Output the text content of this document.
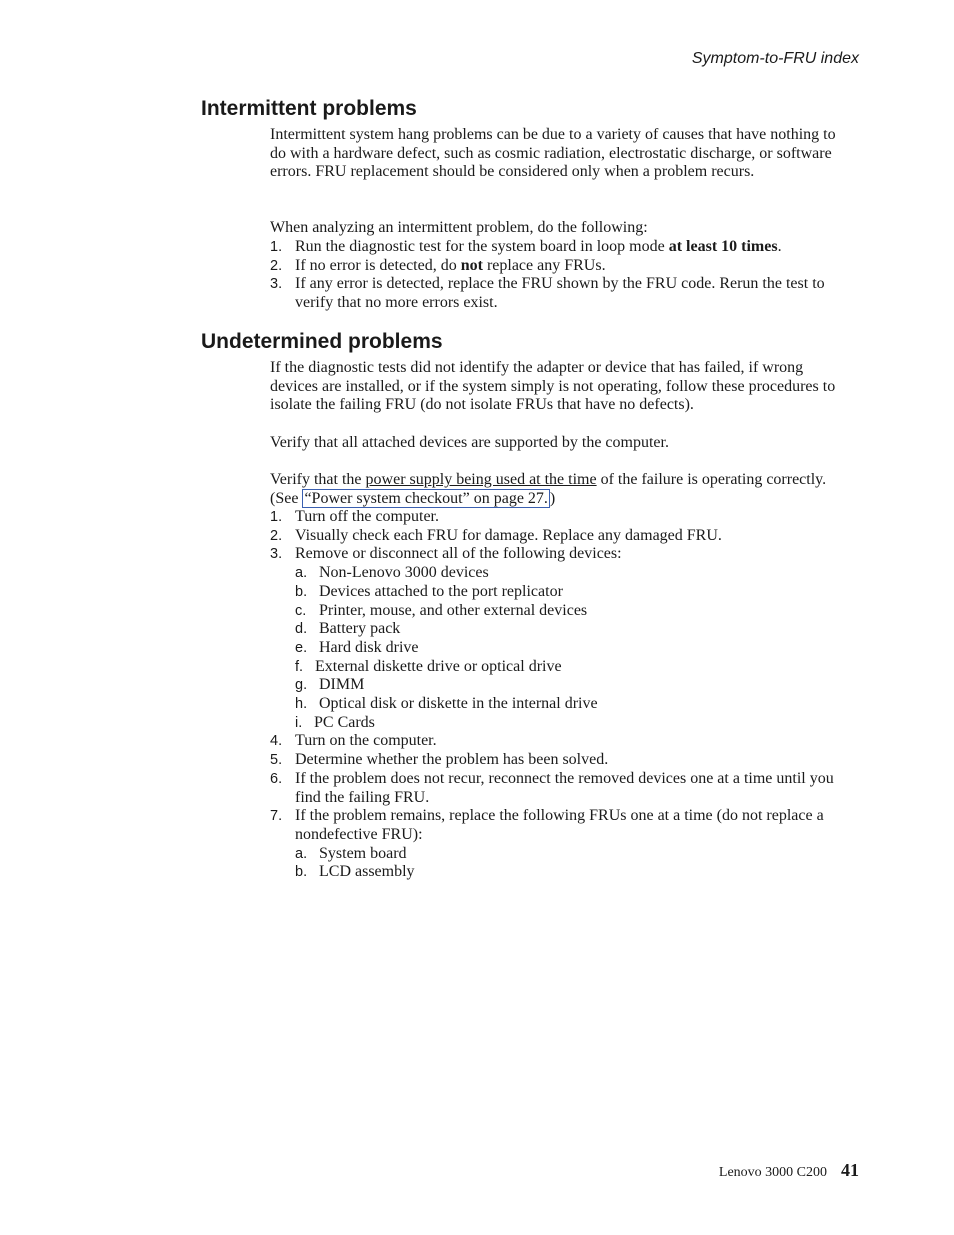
Symptom-to-FRU index
Intermittent problems

Intermittent system hang problems can be due to a variety of causes that have nothing to do with a hardware defect, such as cosmic radiation, electrostatic discharge, or software errors. FRU replacement should be considered only when a problem recurs.

When analyzing an intermittent problem, do the following:

1. Run the diagnostic test for the system board in loop mode at least 10 times.
2. If no error is detected, do not replace any FRUs.
3. If any error is detected, replace the FRU shown by the FRU code. Rerun the test to verify that no more errors exist.
Undetermined problems

If the diagnostic tests did not identify the adapter or device that has failed, if wrong devices are installed, or if the system simply is not operating, follow these procedures to isolate the failing FRU (do not isolate FRUs that have no defects).

Verify that all attached devices are supported by the computer.

Verify that the power supply being used at the time of the failure is operating correctly. (See “Power system checkout” on page 27. )

1. Turn off the computer.
2. Visually check each FRU for damage. Replace any damaged FRU.
3. Remove or disconnect all of the following devices:
a. Non-Lenovo 3000 devices
b. Devices attached to the port replicator
c. Printer, mouse, and other external devices
d. Battery pack
e. Hard disk drive
f. External diskette drive or optical drive
g. DIMM
h. Optical disk or diskette in the internal drive
i. PC Cards
4. Turn on the computer.
5. Determine whether the problem has been solved.
6. If the problem does not recur, reconnect the removed devices one at a time until you find the failing FRU.
7. If the problem remains, replace the following FRUs one at a time (do not replace a nondefective FRU):
a. System board
b. LCD assembly
Lenovo 3000 C200 41
